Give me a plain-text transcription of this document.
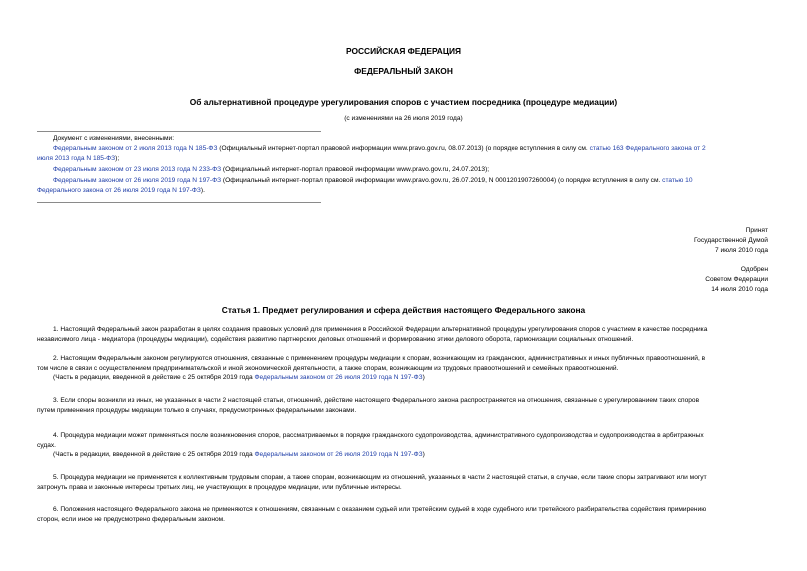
РОССИЙСКАЯ ФЕДЕРАЦИЯ
ФЕДЕРАЛЬНЫЙ ЗАКОН
Об альтернативной процедуре урегулирования споров с участием посредника (процедуре медиации)
(с изменениями на 26 июля 2019 года)
Документ с изменениями, внесенными:
Федеральным законом от 2 июля 2013 года N 185-ФЗ (Официальный интернет-портал правовой информации www.pravo.gov.ru, 08.07.2013) (о порядке вступления в силу см. статью 163 Федерального закона от 2
июля 2013 года N 185-ФЗ);
Федеральным законом от 23 июля 2013 года N 233-ФЗ (Официальный интернет-портал правовой информации www.pravo.gov.ru, 24.07.2013);
Федеральным законом от 26 июля 2019 года N 197-ФЗ (Официальный интернет-портал правовой информации www.pravo.gov.ru, 26.07.2019, N 0001201907260004) (о порядке вступления в силу см. статью 10
Федерального закона от 26 июля 2019 года N 197-ФЗ).
Принят
Государственной Думой
7 июля 2010 года
Одобрен
Советом Федерации
14 июля 2010 года
Статья 1. Предмет регулирования и сфера действия настоящего Федерального закона
1. Настоящий Федеральный закон разработан в целях создания правовых условий для применения в Российской Федерации альтернативной процедуры урегулирования споров с участием в качестве посредника
независимого лица - медиатора (процедуры медиации), содействия развитию партнерских деловых отношений и формированию этики делового оборота, гармонизации социальных отношений.
2. Настоящим Федеральным законом регулируются отношения, связанные с применением процедуры медиации к спорам, возникающим из гражданских, административных и иных публичных правоотношений, в
том числе в связи с осуществлением предпринимательской и иной экономической деятельности, а также спорам, возникающим из трудовых правоотношений и семейных правоотношений.
(Часть в редакции, введенной в действие с 25 октября 2019 года Федеральным законом от 26 июля 2019 года N 197-ФЗ)
3. Если споры возникли из иных, не указанных в части 2 настоящей статьи, отношений, действие настоящего Федерального закона распространяется на отношения, связанные с урегулированием таких споров
путем применения процедуры медиации только в случаях, предусмотренных федеральными законами.
4. Процедура медиации может применяться после возникновения споров, рассматриваемых в порядке гражданского судопроизводства, административного судопроизводства и судопроизводства в арбитражных
судах.
(Часть в редакции, введенной в действие с 25 октября 2019 года Федеральным законом от 26 июля 2019 года N 197-ФЗ)
5. Процедура медиации не применяется к коллективным трудовым спорам, а также спорам, возникающим из отношений, указанных в части 2 настоящей статьи, в случае, если такие споры затрагивают или могут
затронуть права и законные интересы третьих лиц, не участвующих в процедуре медиации, или публичные интересы.
6. Положения настоящего Федерального закона не применяются к отношениям, связанным с оказанием судьей или третейским судьей в ходе судебного или третейского разбирательства содействия примирению
сторон, если иное не предусмотрено федеральным законом.
